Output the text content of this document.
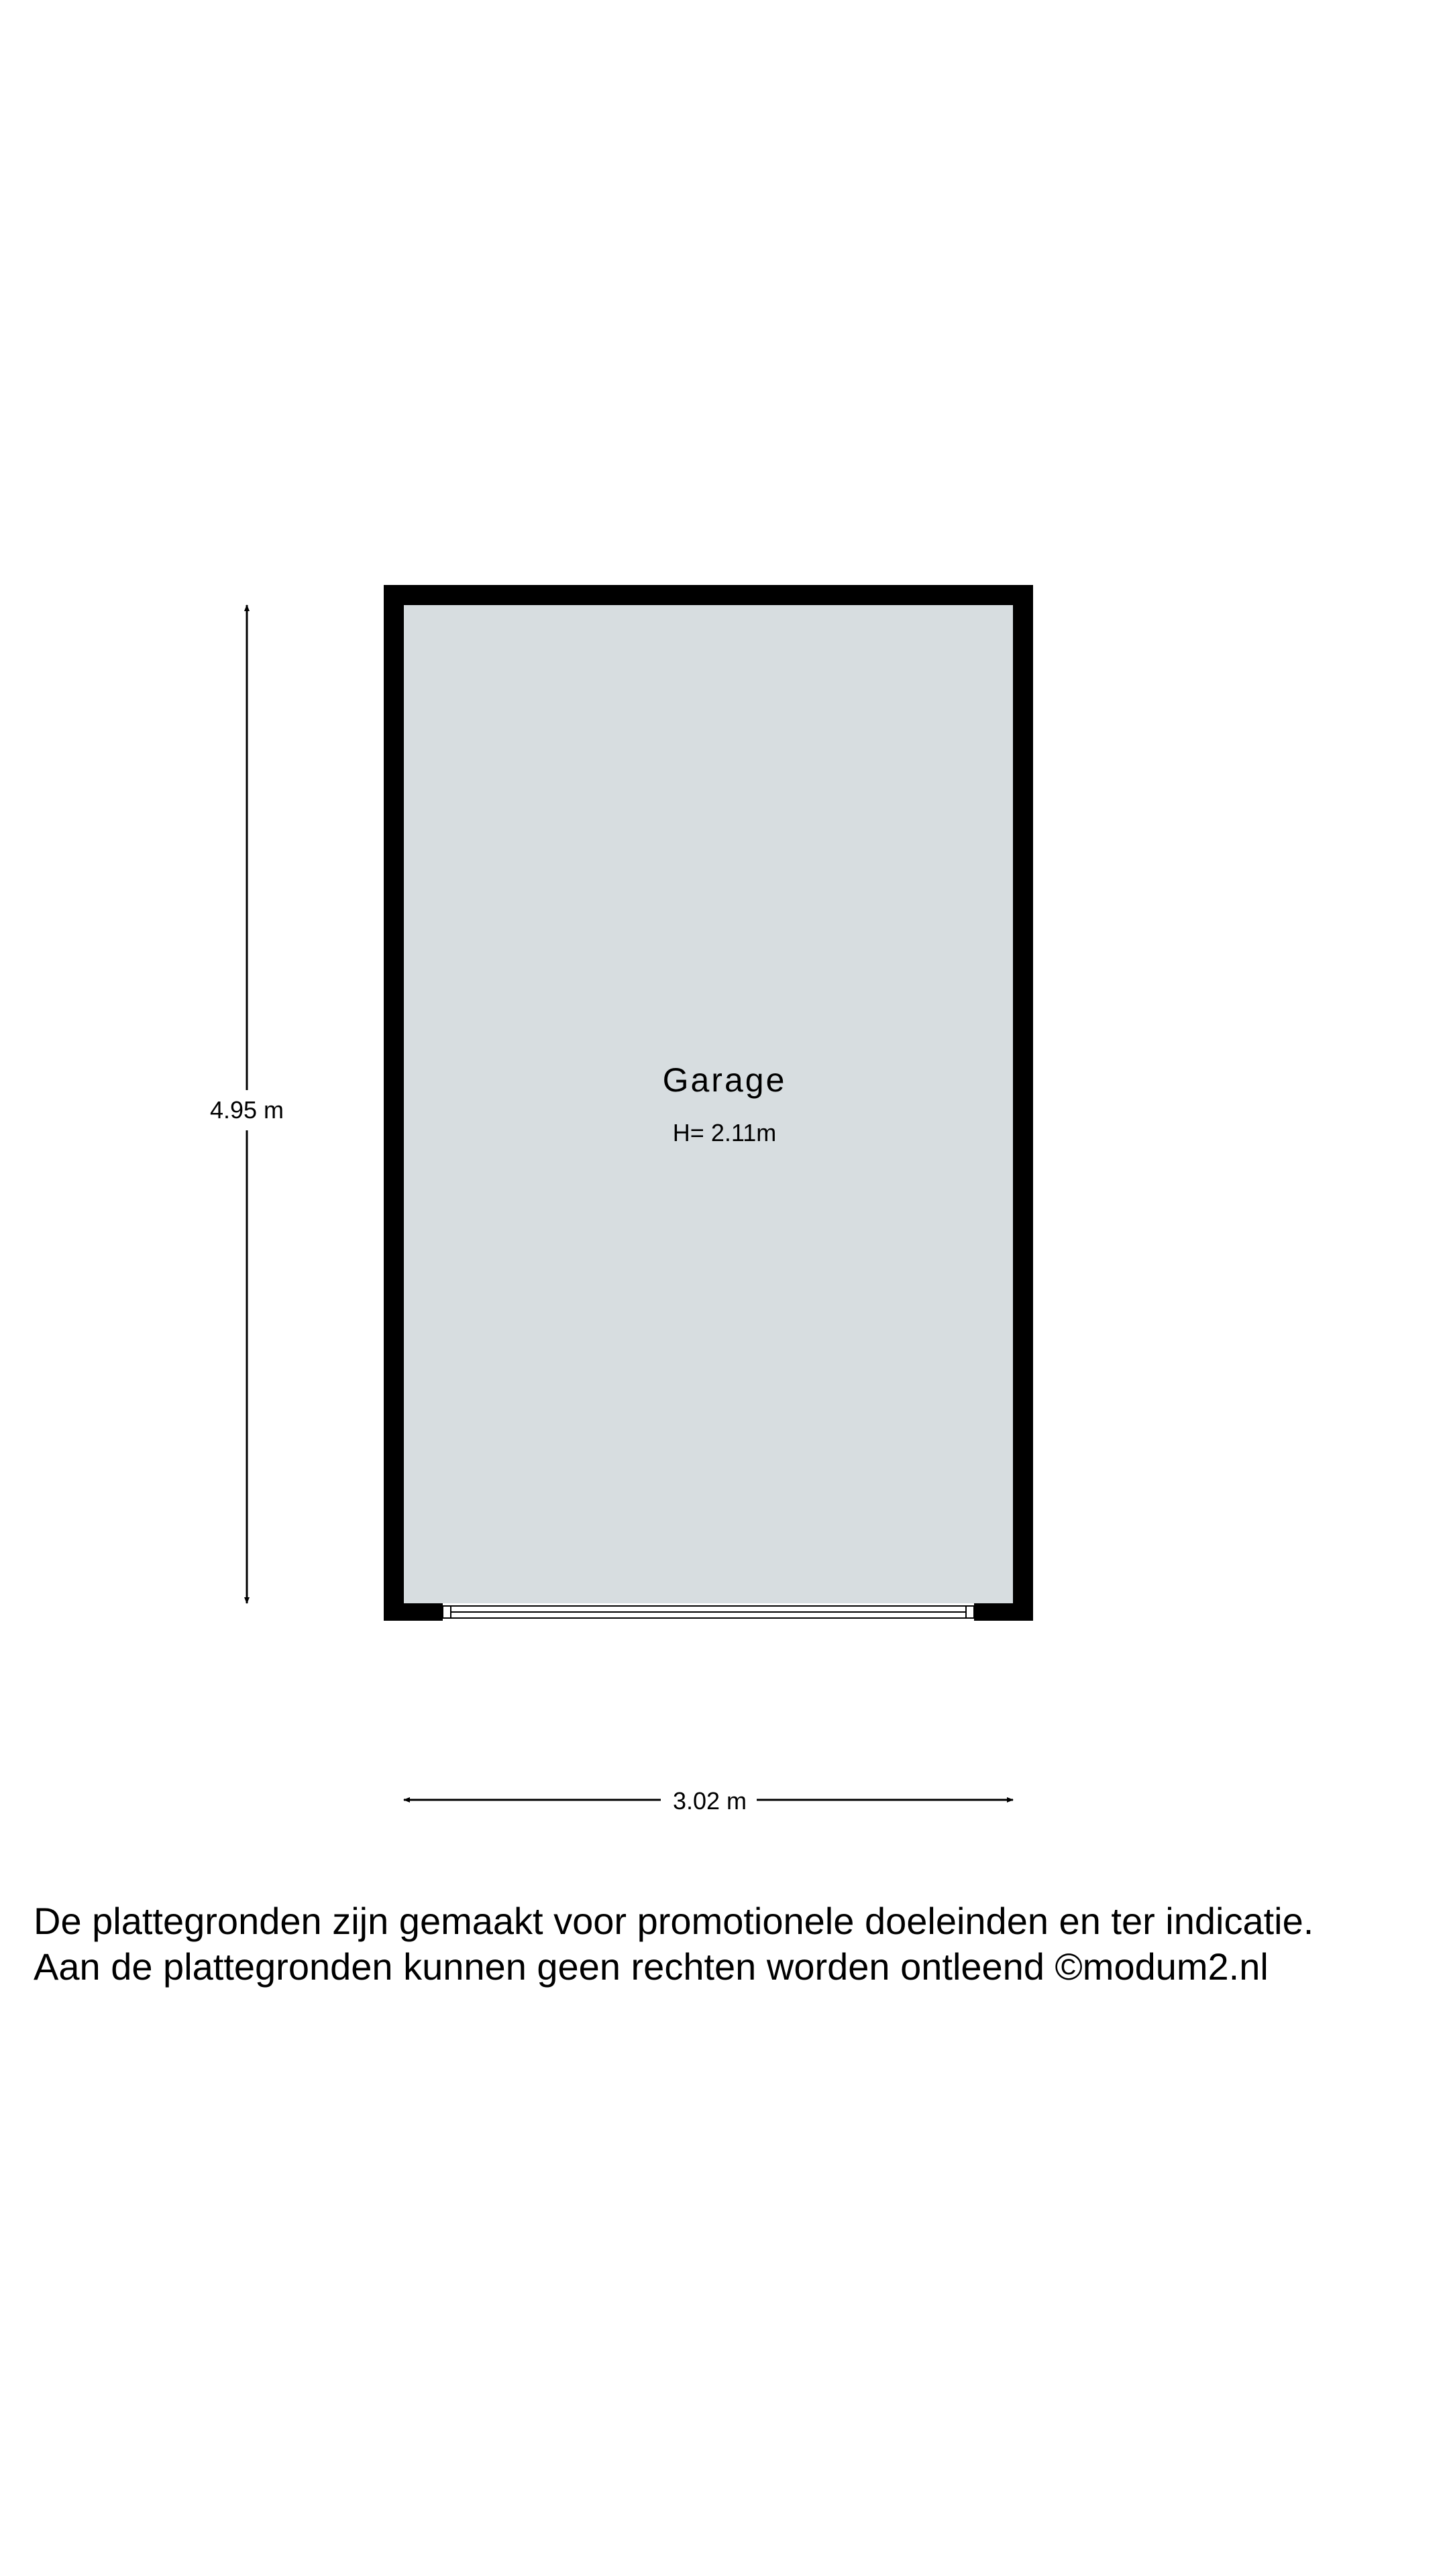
Garage
H= 2.11m
4.95 m
3.02 m
De plattegronden zijn gemaakt voor promotionele doeleinden en ter indicatie.
Aan de plattegronden kunnen geen rechten worden ontleend ©modum2.nl
